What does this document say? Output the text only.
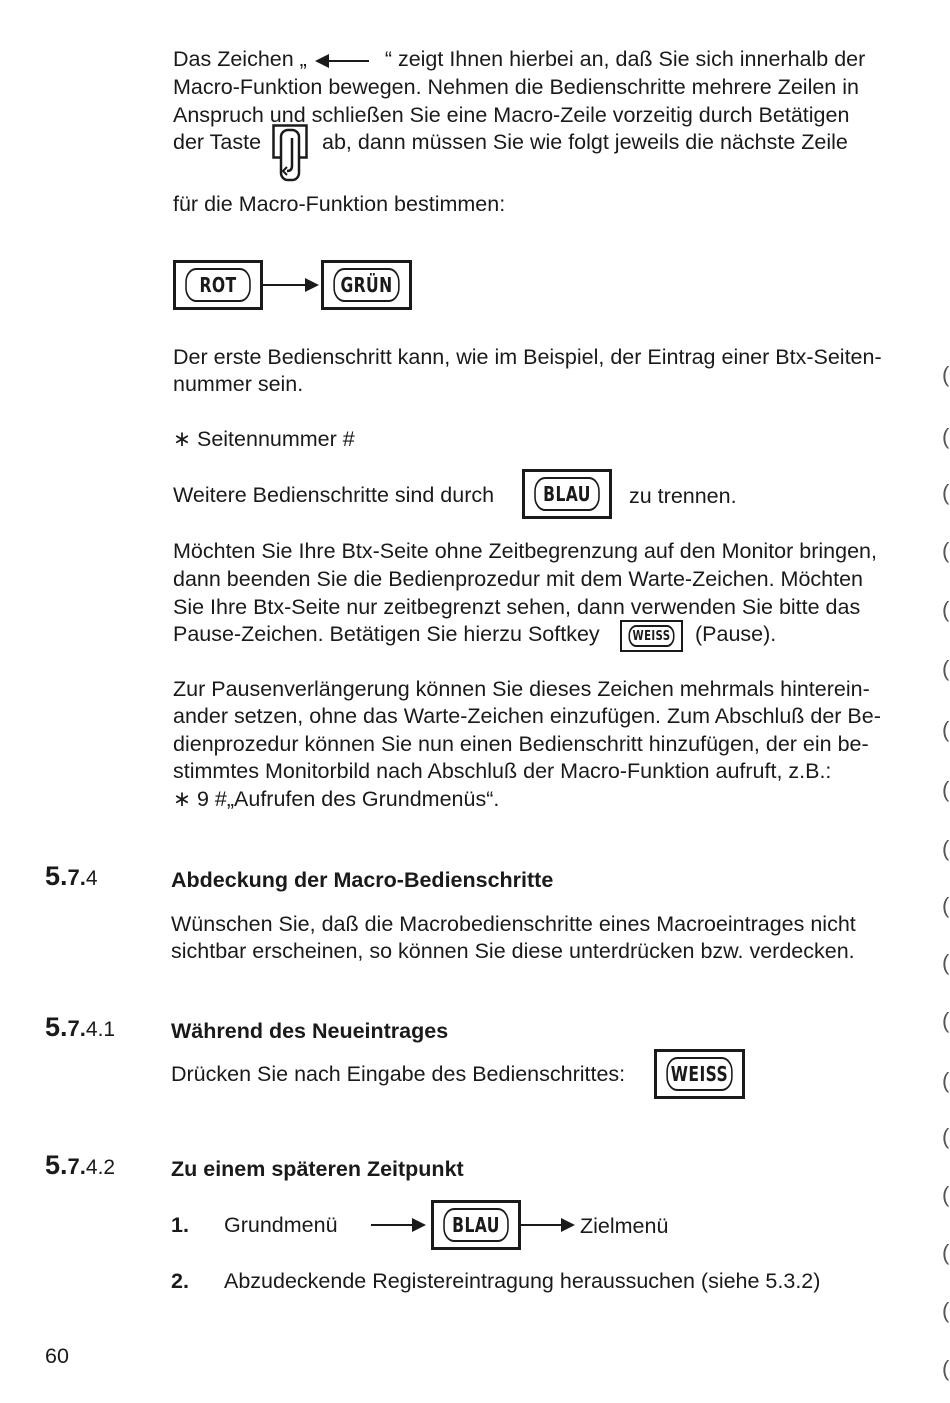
Das Zeichen „	“ zeigt Ihnen hierbei an, daß Sie sich innerhalb der
Macro-Funktion bewegen. Nehmen die Bedienschritte mehrere Zeilen in
Anspruch und schließen Sie eine Macro-Zeile vorzeitig durch Betätigen
der Taste	ab, dann müssen Sie wie folgt jeweils die nächste Zeile
für die Macro-Funktion bestimmen:
ROT	GRÜN
Der erste Bedienschritt kann, wie im Beispiel, der Eintrag einer Btx-Seiten-
nummer sein.
∗ Seitennummer #
Weitere Bedienschritte sind durch	BLAU	zu trennen.
Möchten Sie Ihre Btx-Seite ohne Zeitbegrenzung auf den Monitor bringen,
dann beenden Sie die Bedienprozedur mit dem Warte-Zeichen. Möchten
Sie Ihre Btx-Seite nur zeitbegrenzt sehen, dann verwenden Sie bitte das
Pause-Zeichen. Betätigen Sie hierzu Softkey	WEISS (Pause).
Zur Pausenverlängerung können Sie dieses Zeichen mehrmals hinterein-
ander setzen, ohne das Warte-Zeichen einzufügen. Zum Abschluß der Be-
dienprozedur können Sie nun einen Bedienschritt hinzufügen, der ein be-
stimmtes Monitorbild nach Abschluß der Macro-Funktion aufruft, z.B.:
∗ 9 #„Aufrufen des Grundmenüs“.
5.7.4	Abdeckung der Macro-Bedienschritte
Wünschen Sie, daß die Macrobedienschritte eines Macroeintrages nicht
sichtbar erscheinen, so können Sie diese unterdrücken bzw. verdecken.
5.7.4.1	Während des Neueintrages
Drücken Sie nach Eingabe des Bedienschrittes: WEISS
5.7.4.2	Zu einem späteren Zeitpunkt
1. Grundmenü	BLAU	Zielmenü
2. Abzudeckende Registereintragung heraussuchen (siehe 5.3.2)
60
(
(
(
(
(
(
(
(
(
(
(
(
(
(
(
(
(
(
